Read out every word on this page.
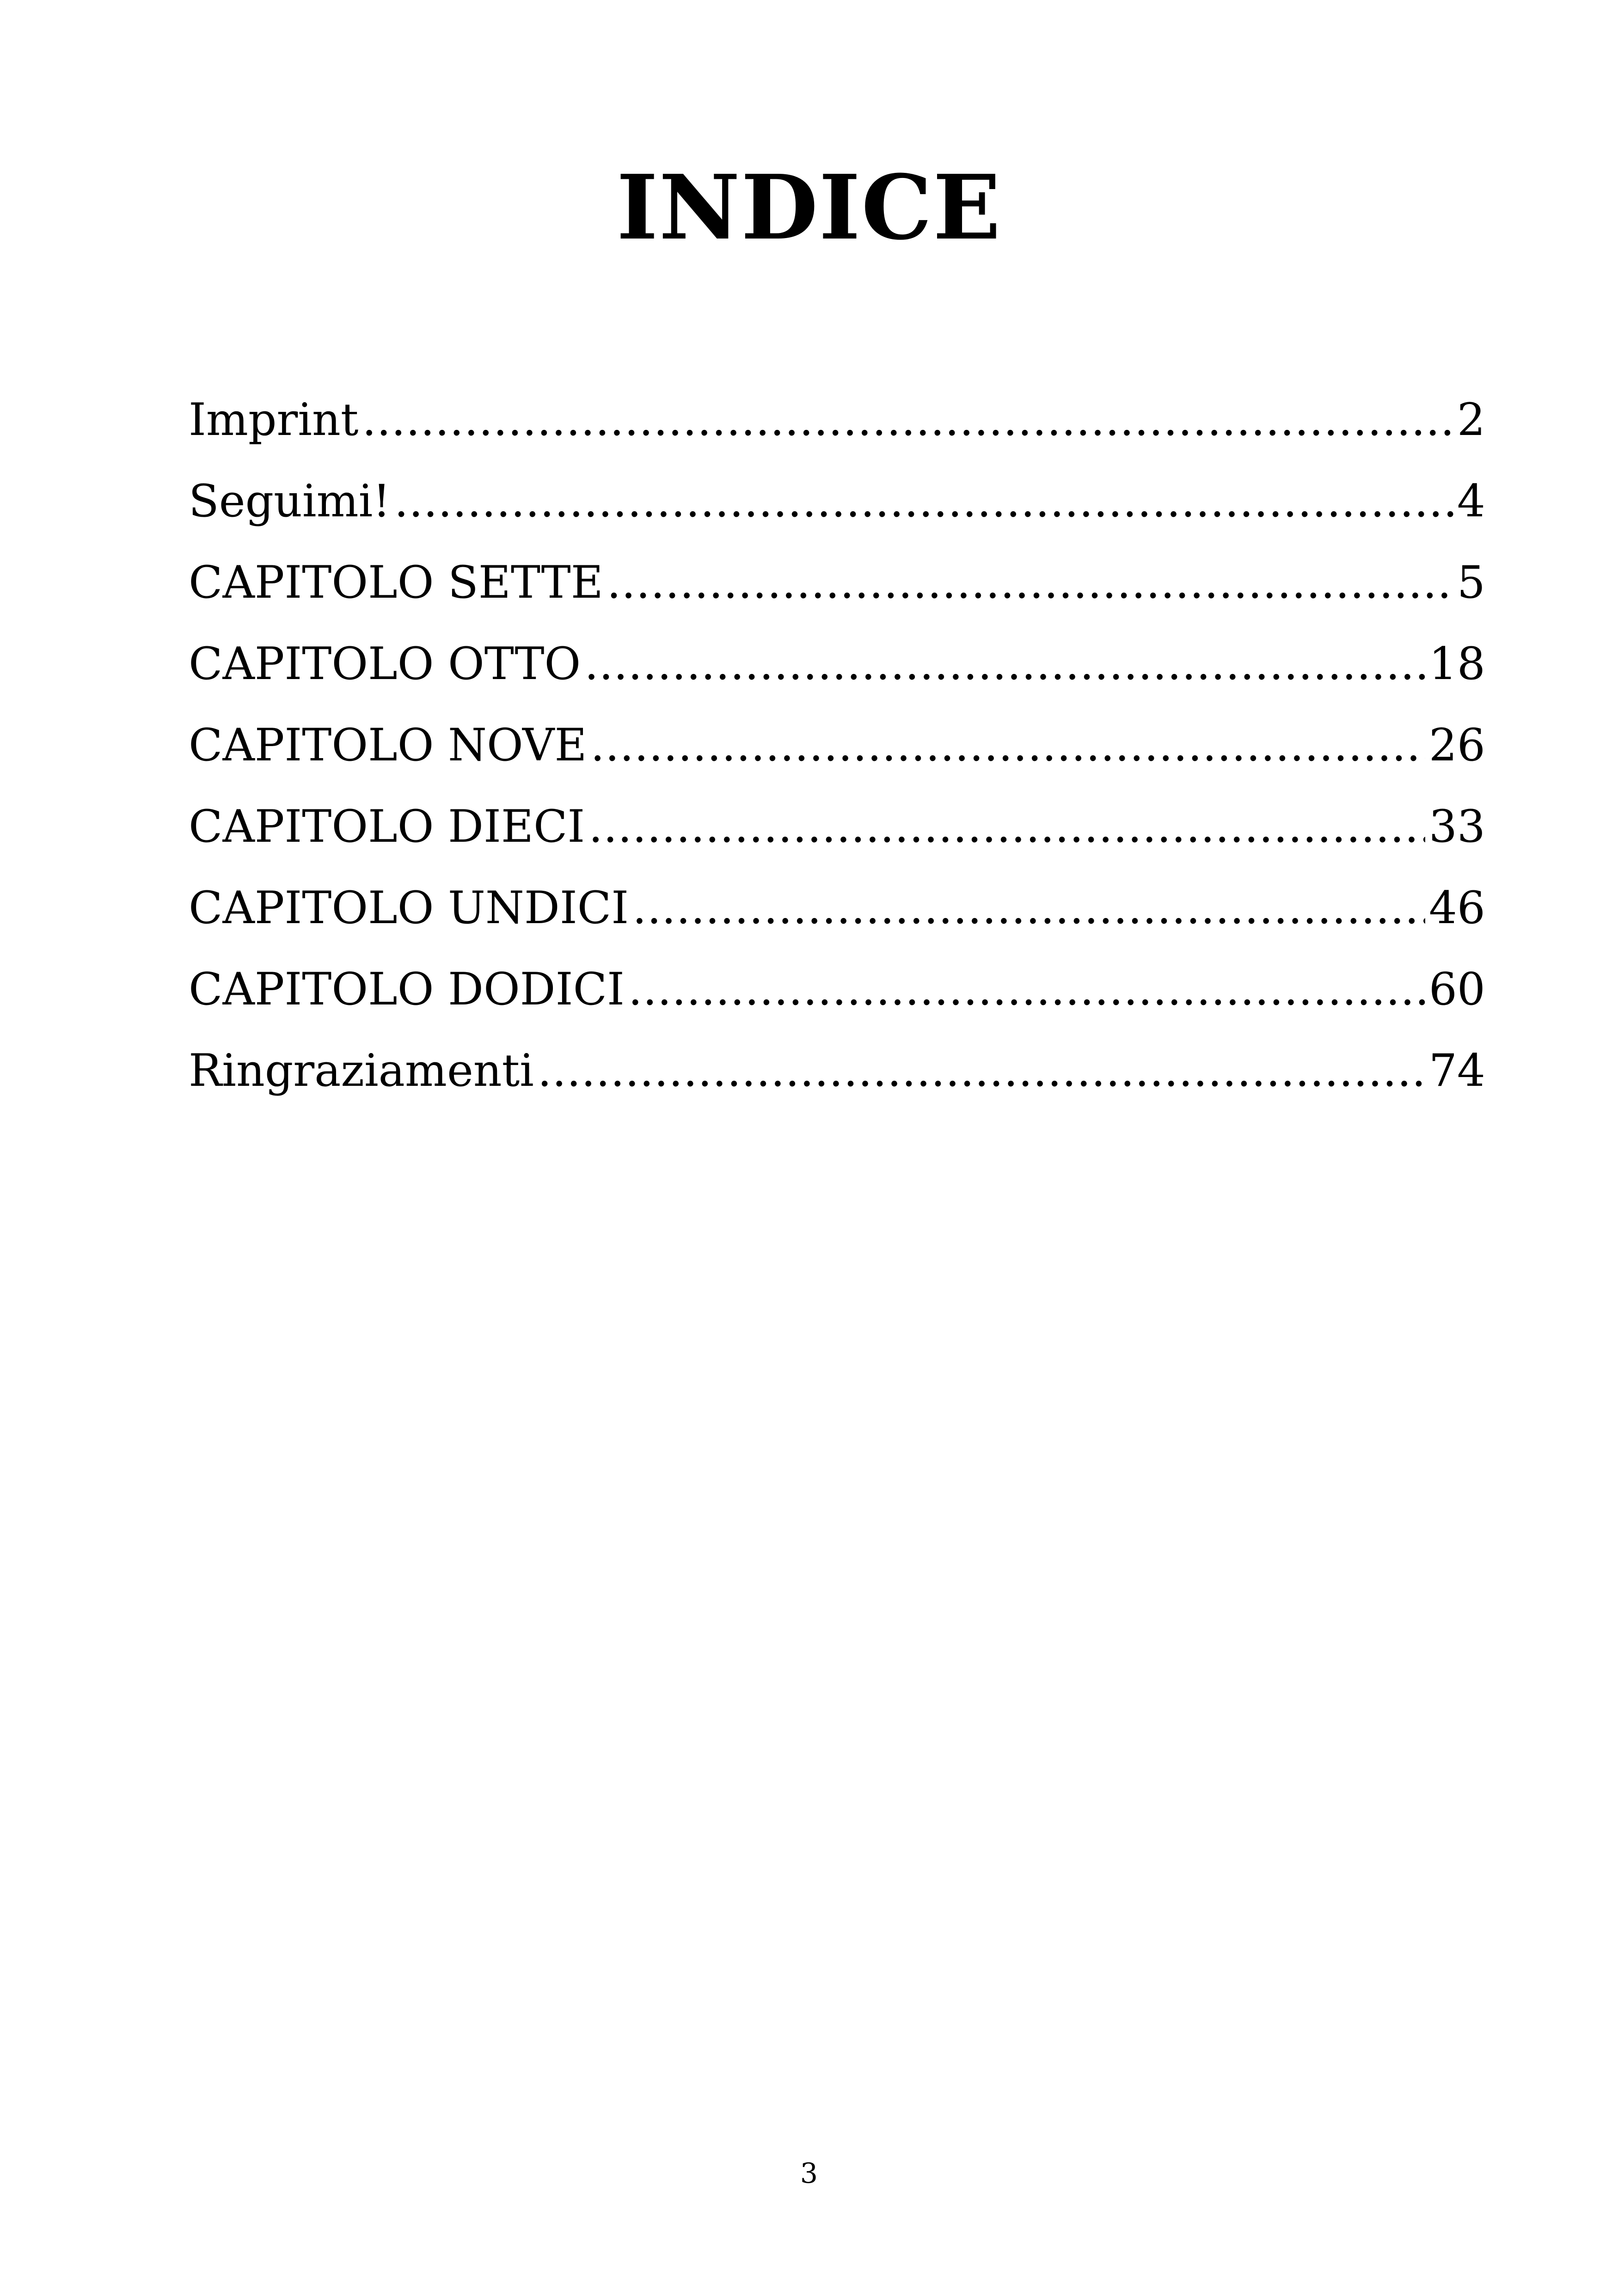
INDICE
Imprint .....	2
Seguimi! .....	4
CAPITOLO SETTE .....	5
CAPITOLO OTTO .....	18
CAPITOLO NOVE .....	26
CAPITOLO DIECI .....	33
CAPITOLO UNDICI .....	46
CAPITOLO DODICI .....	60
Ringraziamenti .....	74
3
